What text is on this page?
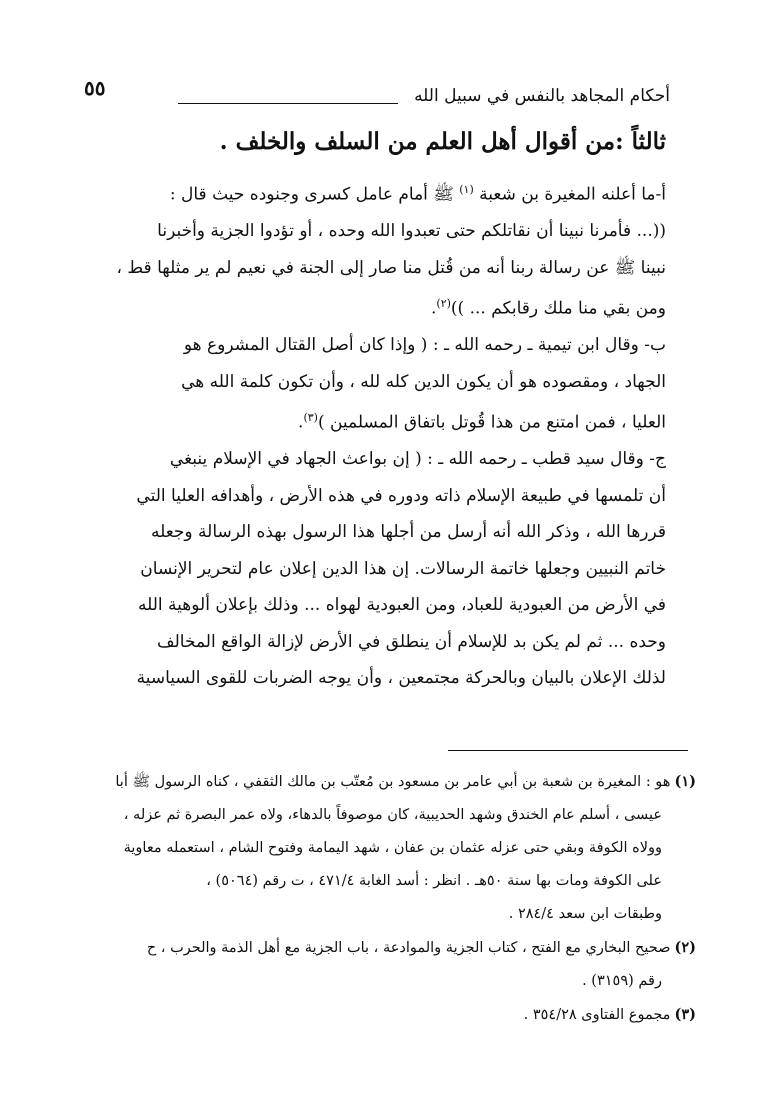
أحكام المجاهد بالنفس في سبيل الله
٥٥
ثالثاً :من أقوال أهل العلم من السلف والخلف .
أ-ما أعلنه المغيرة بن شعبة $^{(١)}$ ﷺ أمام عامل كسرى وجنوده حيث قال :
((... فأمرنا نبينا أن نقاتلكم حتى تعبدوا الله وحده ، أو تؤدوا الجزية وأخبرنا
نبينا ﷺ عن رسالة ربنا أنه من قُتل منا صار إلى الجنة في نعيم لم ير مثلها قط ،
ومن بقي منا ملك رقابكم ... ))$^{(٢)}$.
ب- وقال ابن تيمية ـ رحمه الله ـ : ( وإذا كان أصل القتال المشروع هو
الجهاد ، ومقصوده هو أن يكون الدين كله لله ، وأن تكون كلمة الله هي
العليا ، فمن امتنع من هذا قُوتل باتفاق المسلمين )$^{(٣)}$.
ج- وقال سيد قطب ـ رحمه الله ـ : ( إن بواعث الجهاد في الإسلام ينبغي
أن تلمسها في طبيعة الإسلام ذاته ودوره في هذه الأرض ، وأهدافه العليا التي
قررها الله ، وذكر الله أنه أرسل من أجلها هذا الرسول بهذه الرسالة وجعله
خاتم النبيين وجعلها خاتمة الرسالات. إن هذا الدين إعلان عام لتحرير الإنسان
في الأرض من العبودية للعباد، ومن العبودية لهواه ... وذلك بإعلان ألوهية الله
وحده ... ثم لم يكن بد للإسلام أن ينطلق في الأرض لإزالة الواقع المخالف
لذلك الإعلان بالبيان وبالحركة مجتمعين ، وأن يوجه الضربات للقوى السياسية
(١)هو : المغيرة بن شعبة بن أبي عامر بن مسعود بن مُعتّب بن مالك الثقفي ، كناه الرسول ﷺ أبا
عيسى ، أسلم عام الخندق وشهد الحديبية، كان موصوفاً بالدهاء، ولاه عمر البصرة ثم عزله ،
وولاه الكوفة وبقي حتى عزله عثمان بن عفان ، شهد اليمامة وفتوح الشام ، استعمله معاوية
على الكوفة ومات بها سنة ٥٠هـ . انظر : أسد الغابة ٤٧١/٤ ، ت رقم (٥٠٦٤) ،
وطبقات ابن سعد ٢٨٤/٤ .
(٢)صحيح البخاري مع الفتح ، كتاب الجزية والموادعة ، باب الجزية مع أهل الذمة والحرب ، ح
رقم (٣١٥٩) .
(٣)مجموع الفتاوى ٣٥٤/٢٨ .
